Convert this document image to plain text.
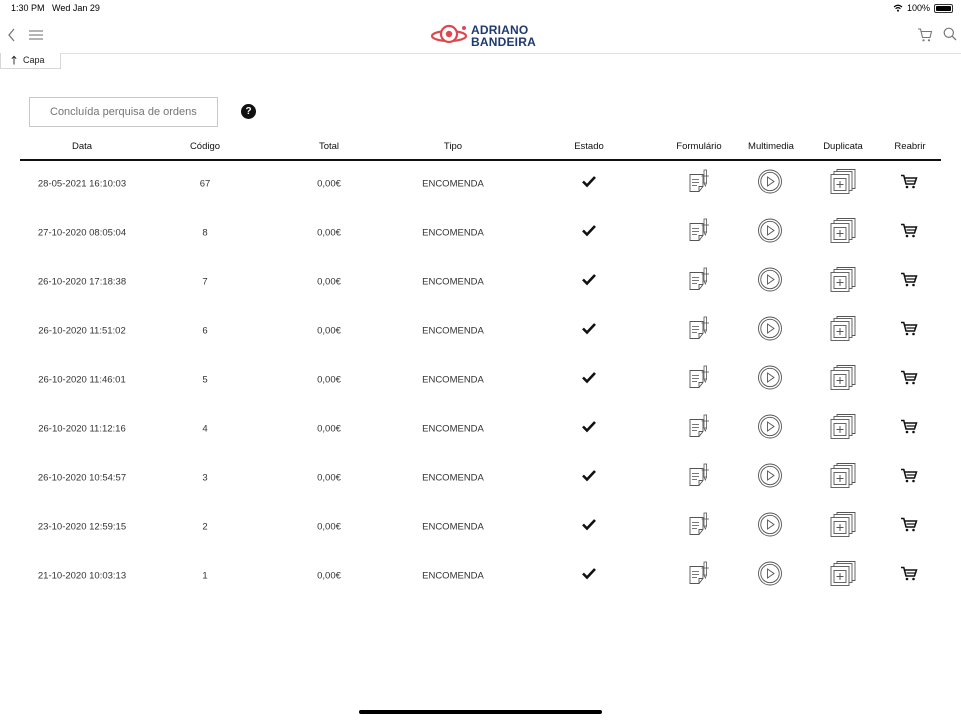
1:30 PM Wed Jan 29	100%
ADRIANO
BANDEIRA
Capa
Concluída perquisa de ordens
?
Data	Código	Total	Tipo	Estado	Formulário	Multimedia	Duplicata	Reabrir
28-05-2021 16:10:03	67	0,00€	ENCOMENDA
27-10-2020 08:05:04	8	0,00€	ENCOMENDA
26-10-2020 17:18:38	7	0,00€	ENCOMENDA
26-10-2020 11:51:02	6	0,00€	ENCOMENDA
26-10-2020 11:46:01	5	0,00€	ENCOMENDA
26-10-2020 11:12:16	4	0,00€	ENCOMENDA
26-10-2020 10:54:57	3	0,00€	ENCOMENDA
23-10-2020 12:59:15	2	0,00€	ENCOMENDA
21-10-2020 10:03:13	1	0,00€	ENCOMENDA
